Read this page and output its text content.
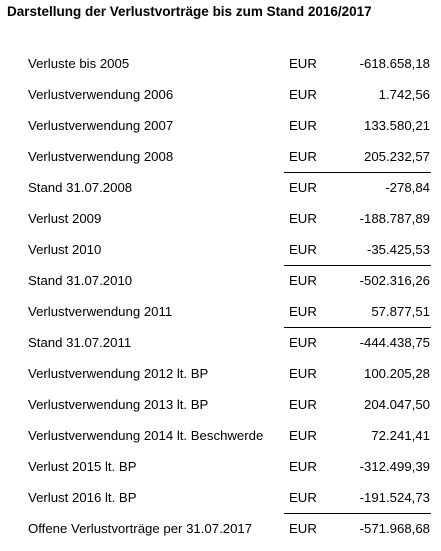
Darstellung der Verlustvorträge bis zum Stand 2016/2017
Verluste bis 2005	EUR	-618.658,18
Verlustverwendung 2006	EUR	1.742,56
Verlustverwendung 2007	EUR	133.580,21
Verlustverwendung 2008	EUR	205.232,57
Stand 31.07.2008	EUR	-278,84
Verlust 2009	EUR	-188.787,89
Verlust 2010	EUR	-35.425,53
Stand 31.07.2010	EUR	-502.316,26
Verlustverwendung 2011	EUR	57.877,51
Stand 31.07.2011	EUR	-444.438,75
Verlustverwendung 2012 lt. BP	EUR	100.205,28
Verlustverwendung 2013 lt. BP	EUR	204.047,50
Verlustverwendung 2014 lt. Beschwerde EUR	72.241,41
Verlust 2015 lt. BP	EUR	-312.499,39
Verlust 2016 lt. BP	EUR	-191.524,73
Offene Verlustvorträge per 31.07.2017	EUR	-571.968,68
